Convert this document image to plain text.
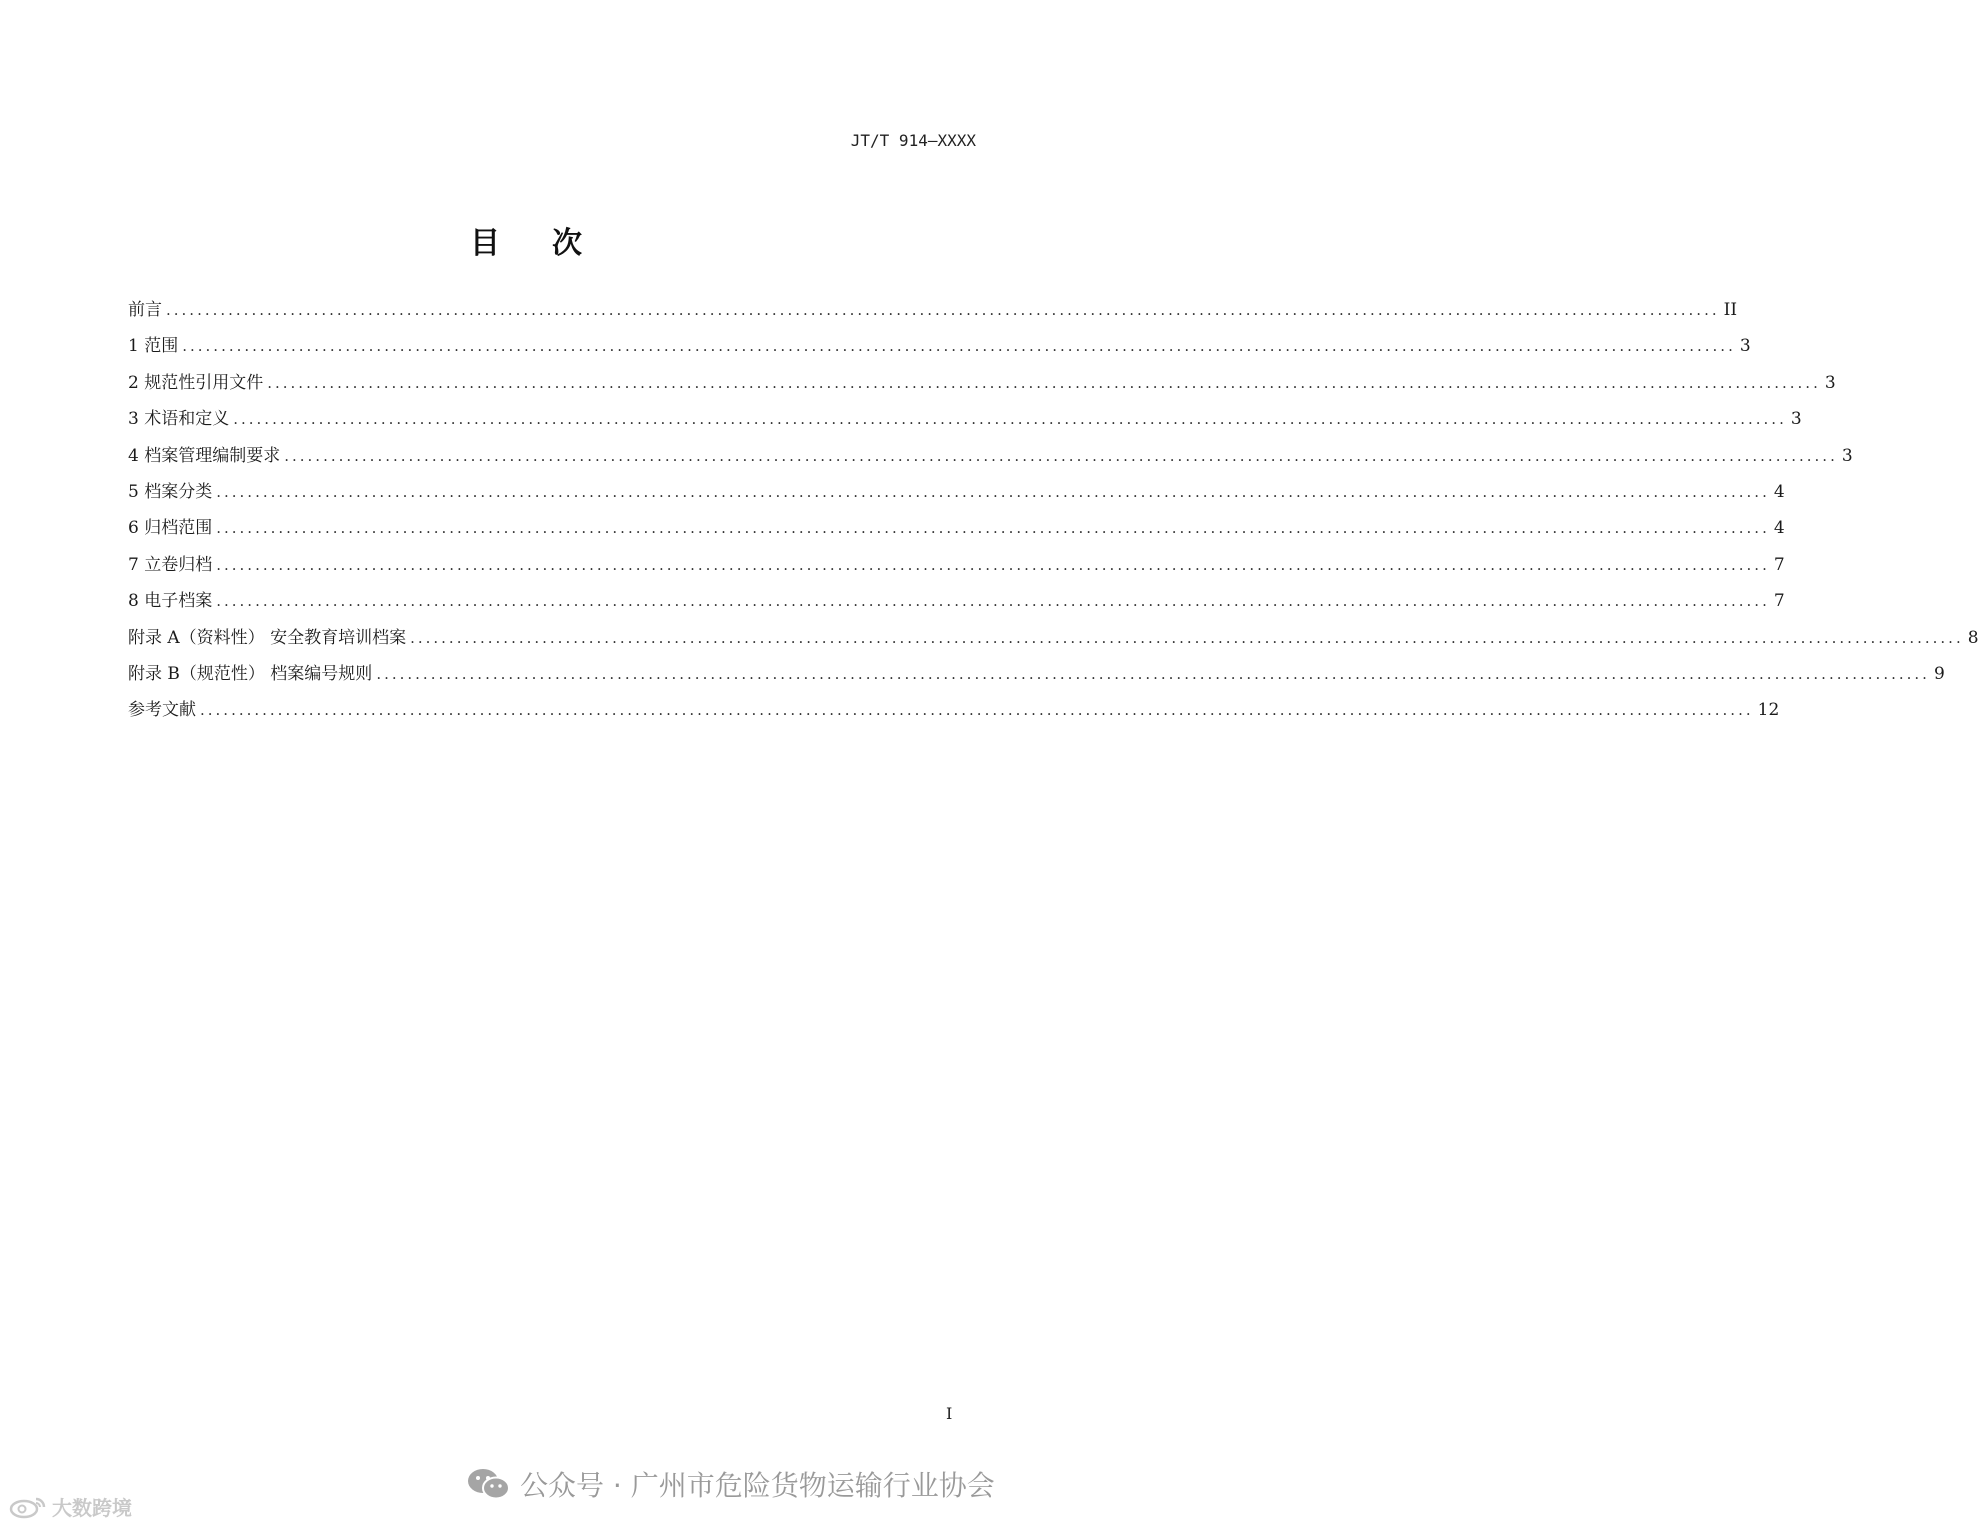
JT/T 914—XXXX
目次
前言 ........................................................................................................................................................................................................ II
1 范围 ........................................................................................................................................................................................................ 3
2 规范性引用文件 ........................................................................................................................................................................................................ 3
3 术语和定义 ........................................................................................................................................................................................................ 3
4 档案管理编制要求 ........................................................................................................................................................................................................ 3
5 档案分类 ........................................................................................................................................................................................................ 4
6 归档范围 ........................................................................................................................................................................................................ 4
7 立卷归档 ........................................................................................................................................................................................................ 7
8 电子档案 ........................................................................................................................................................................................................ 7
附录 A（资料性） 安全教育培训档案 ........................................................................................................................................................................................................ 8
附录 B（规范性） 档案编号规则 ........................................................................................................................................................................................................ 9
参考文献 ........................................................................................................................................................................................................ 12
I
公众号 · 广州市危险货物运输行业协会
大数跨境
